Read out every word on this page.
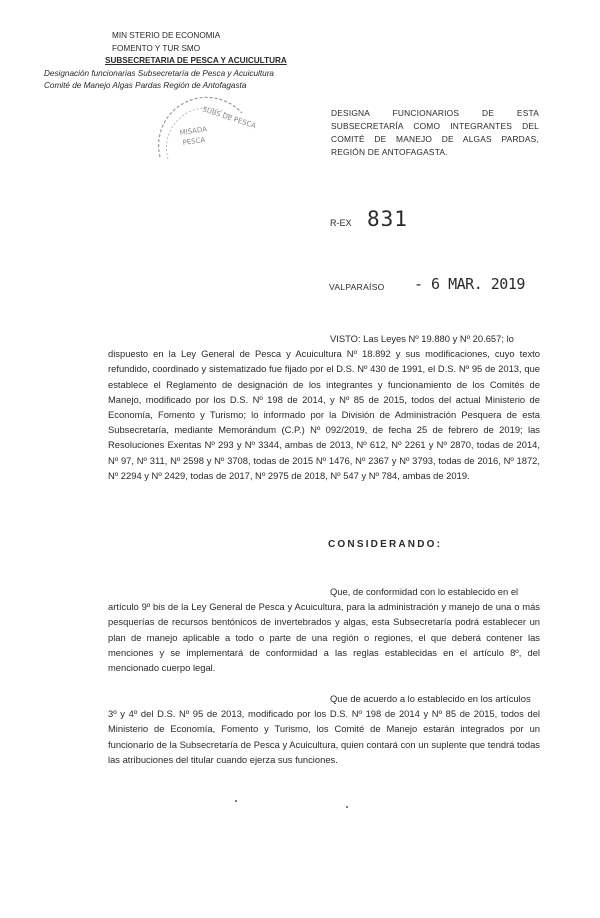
MIN STERIO DE ECONOMIA
FOMENTO Y TUR SMO
SUBSECRETARIA DE PESCA Y ACUICULTURA
Designación funcionarias Subsecretaría de Pesca y Acuicultura
Comité de Manejo Algas Pardas Región de Antofagasta
SUBS DE PESCA
MISADA
PESCA
DESIGNA FUNCIONARIOS DE ESTA SUBSECRETARÍA COMO INTEGRANTES DEL COMITÉ DE MANEJO DE ALGAS PARDAS, REGIÓN DE ANTOFAGASTA.
R-EX 831
VALPARAÍSO - 6 MAR. 2019
VISTO: Las Leyes Nº 19.880 y Nº 20.657; lo
dispuesto en la Ley General de Pesca y Acuicultura Nº 18.892 y sus modificaciones, cuyo texto refundido, coordinado y sistematizado fue fijado por el D.S. Nº 430 de 1991, el D.S. Nº 95 de 2013, que establece el Reglamento de designación de los integrantes y funcionamiento de los Comités de Manejo, modificado por los D.S. Nº 198 de 2014, y Nº 85 de 2015, todos del actual Ministerio de Economía, Fomento y Turismo; lo informado por la División de Administración Pesquera de esta Subsecretaría, mediante Memorándum (C.P.) Nº 092/2019, de fecha 25 de febrero de 2019; las Resoluciones Exentas Nº 293 y Nº 3344, ambas de 2013, Nº 612, Nº 2261 y Nº 2870, todas de 2014, Nº 97, Nº 311, Nº 2598 y Nº 3708, todas de 2015 Nº 1476, Nº 2367 y Nº 3793, todas de 2016, Nº 1872, Nº 2294 y Nº 2429, todas de 2017, Nº 2975 de 2018, Nº 547 y Nº 784, ambas de 2019.
CONSIDERANDO:
Que, de conformidad con lo establecido en el
artículo 9º bis de la Ley General de Pesca y Acuicultura, para la administración y manejo de una o más pesquerías de recursos bentónicos de invertebrados y algas, esta Subsecretaría podrá establecer un plan de manejo aplicable a todo o parte de una región o regiones, el que deberá contener las menciones y se implementará de conformidad a las reglas establecidas en el artículo 8º, del mencionado cuerpo legal.
Que de acuerdo a lo establecido en los artículos
3º y 4º del D.S. Nº 95 de 2013, modificado por los D.S. Nº 198 de 2014 y Nº 85 de 2015, todos del Ministerio de Economía, Fomento y Turismo, los Comité de Manejo estarán integrados por un funcionario de la Subsecretaría de Pesca y Acuicultura, quien contará con un suplente que tendrá todas las atribuciones del titular cuando ejerza sus funciones.
